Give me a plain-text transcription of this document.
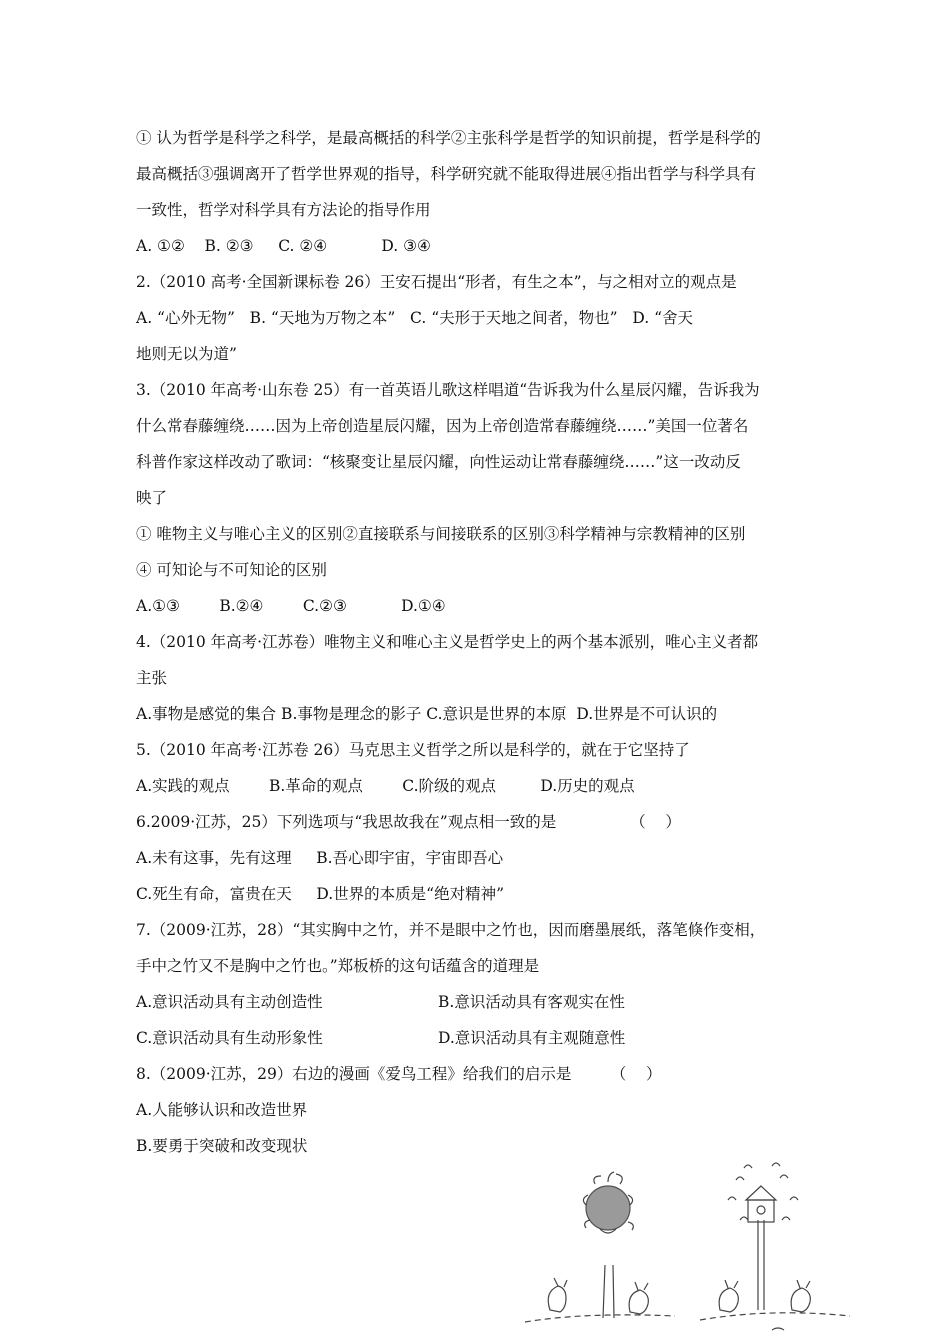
① 认为哲学是科学之科学，是最高概括的科学②主张科学是哲学的知识前提，哲学是科学的
最高概括③强调离开了哲学世界观的指导，科学研究就不能取得进展④指出哲学与科学具有
一致性，哲学对科学具有方法论的指导作用
A. ①②    B. ②③     C. ②④           D. ③④
2.（2010 高考·全国新课标卷 26）王安石提出“形者，有生之本”，与之相对立的观点是
A. “心外无物”   B. “天地为万物之本”   C. “夫形于天地之间者，物也”   D. “舍天
地则无以为道”
3.（2010 年高考·山东卷 25）有一首英语儿歌这样唱道“告诉我为什么星辰闪耀，告诉我为
什么常春藤缠绕……因为上帝创造星辰闪耀，因为上帝创造常春藤缠绕……”美国一位著名
科普作家这样改动了歌词：“核聚变让星辰闪耀，向性运动让常春藤缠绕……”这一改动反
映了
① 唯物主义与唯心主义的区别②直接联系与间接联系的区别③科学精神与宗教精神的区别
④ 可知论与不可知论的区别
A.①③        B.②④        C.②③           D.①④
4.（2010 年高考·江苏卷）唯物主义和唯心主义是哲学史上的两个基本派别，唯心主义者都
主张
A.事物是感觉的集合 B.事物是理念的影子 C.意识是世界的本原  D.世界是不可认识的
5.（2010 年高考·江苏卷 26）马克思主义哲学之所以是科学的，就在于它坚持了
A.实践的观点        B.革命的观点        C.阶级的观点         D.历史的观点
6.2009·江苏，25）下列选项与“我思故我在”观点相一致的是               （    ）
A.未有这事，先有这理     B.吾心即宇宙，宇宙即吾心
C.死生有命，富贵在天     D.世界的本质是“绝对精神”
7.（2009·江苏，28）“其实胸中之竹，并不是眼中之竹也，因而磨墨展纸，落笔倏作变相，
手中之竹又不是胸中之竹也。”郑板桥的这句话蕴含的道理是
A.意识活动具有主动创造性	B.意识活动具有客观实在性
C.意识活动具有生动形象性	D.意识活动具有主观随意性
8.（2009·江苏，29）右边的漫画《爱鸟工程》给我们的启示是        （    ）
A.人能够认识和改造世界
B.要勇于突破和改变现状
